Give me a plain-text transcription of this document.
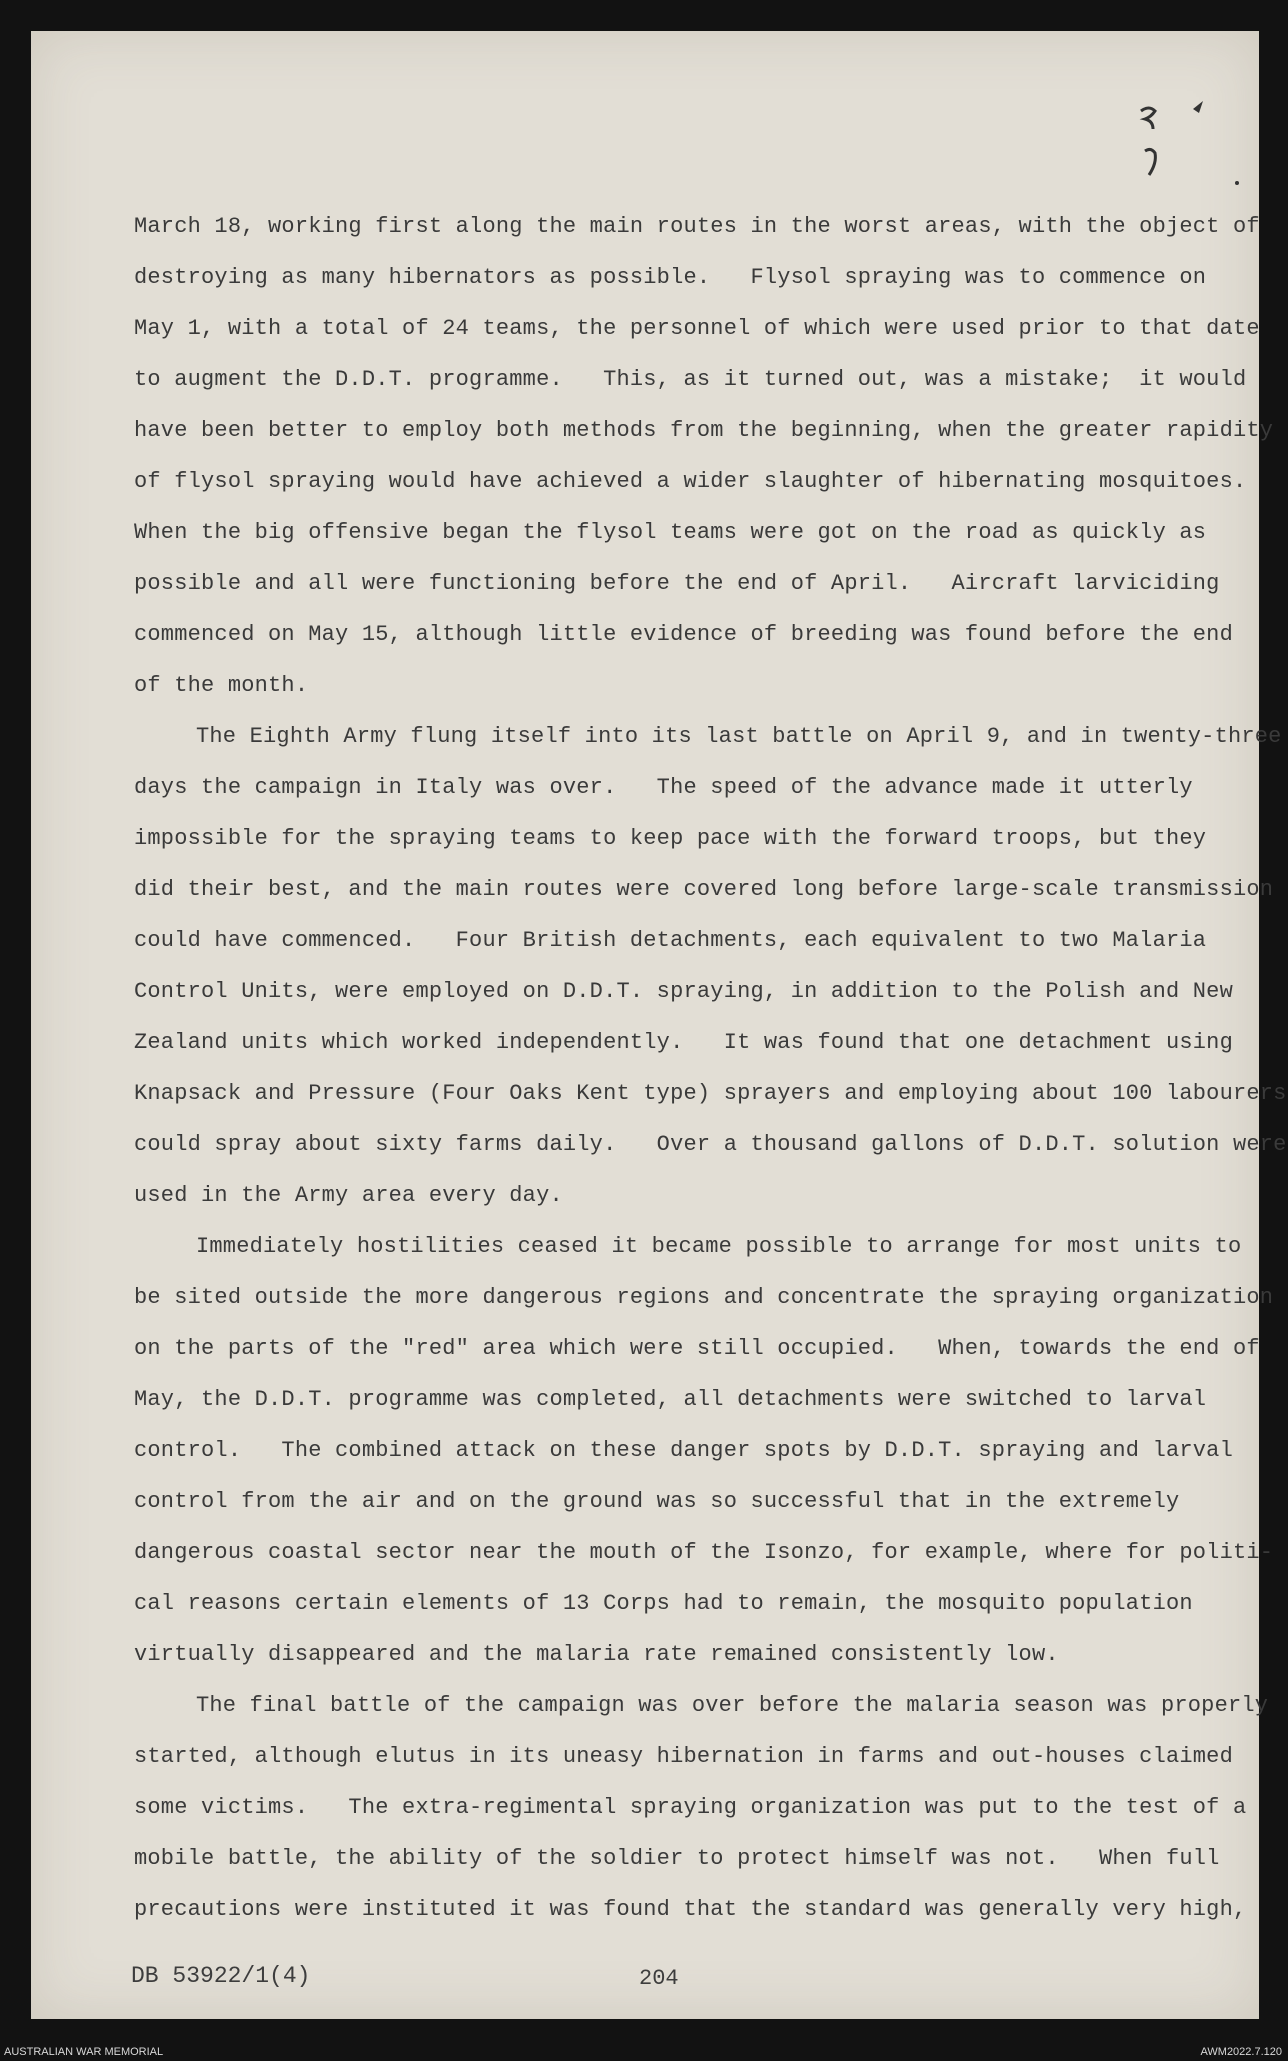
March 18, working first along the main routes in the worst areas, with the object of
destroying as many hibernators as possible.   Flysol spraying was to commence on
May 1, with a total of 24 teams, the personnel of which were used prior to that date
to augment the D.D.T. programme.   This, as it turned out, was a mistake;  it would
have been better to employ both methods from the beginning, when the greater rapidity
of flysol spraying would have achieved a wider slaughter of hibernating mosquitoes.
When the big offensive began the flysol teams were got on the road as quickly as
possible and all were functioning before the end of April.   Aircraft larviciding
commenced on May 15, although little evidence of breeding was found before the end
of the month.
The Eighth Army flung itself into its last battle on April 9, and in twenty-three
days the campaign in Italy was over.   The speed of the advance made it utterly
impossible for the spraying teams to keep pace with the forward troops, but they
did their best, and the main routes were covered long before large-scale transmission
could have commenced.   Four British detachments, each equivalent to two Malaria
Control Units, were employed on D.D.T. spraying, in addition to the Polish and New
Zealand units which worked independently.   It was found that one detachment using
Knapsack and Pressure (Four Oaks Kent type) sprayers and employing about 100 labourers
could spray about sixty farms daily.   Over a thousand gallons of D.D.T. solution were
used in the Army area every day.
Immediately hostilities ceased it became possible to arrange for most units to
be sited outside the more dangerous regions and concentrate the spraying organization
on the parts of the "red" area which were still occupied.   When, towards the end of
May, the D.D.T. programme was completed, all detachments were switched to larval
control.   The combined attack on these danger spots by D.D.T. spraying and larval
control from the air and on the ground was so successful that in the extremely
dangerous coastal sector near the mouth of the Isonzo, for example, where for politi-
cal reasons certain elements of 13 Corps had to remain, the mosquito population
virtually disappeared and the malaria rate remained consistently low.
The final battle of the campaign was over before the malaria season was properly
started, although elutus in its uneasy hibernation in farms and out-houses claimed
some victims.   The extra-regimental spraying organization was put to the test of a
mobile battle, the ability of the soldier to protect himself was not.   When full
precautions were instituted it was found that the standard was generally very high,
DB 53922/1(4)	204
AUSTRALIAN WAR MEMORIAL	AWM2022.7.120
